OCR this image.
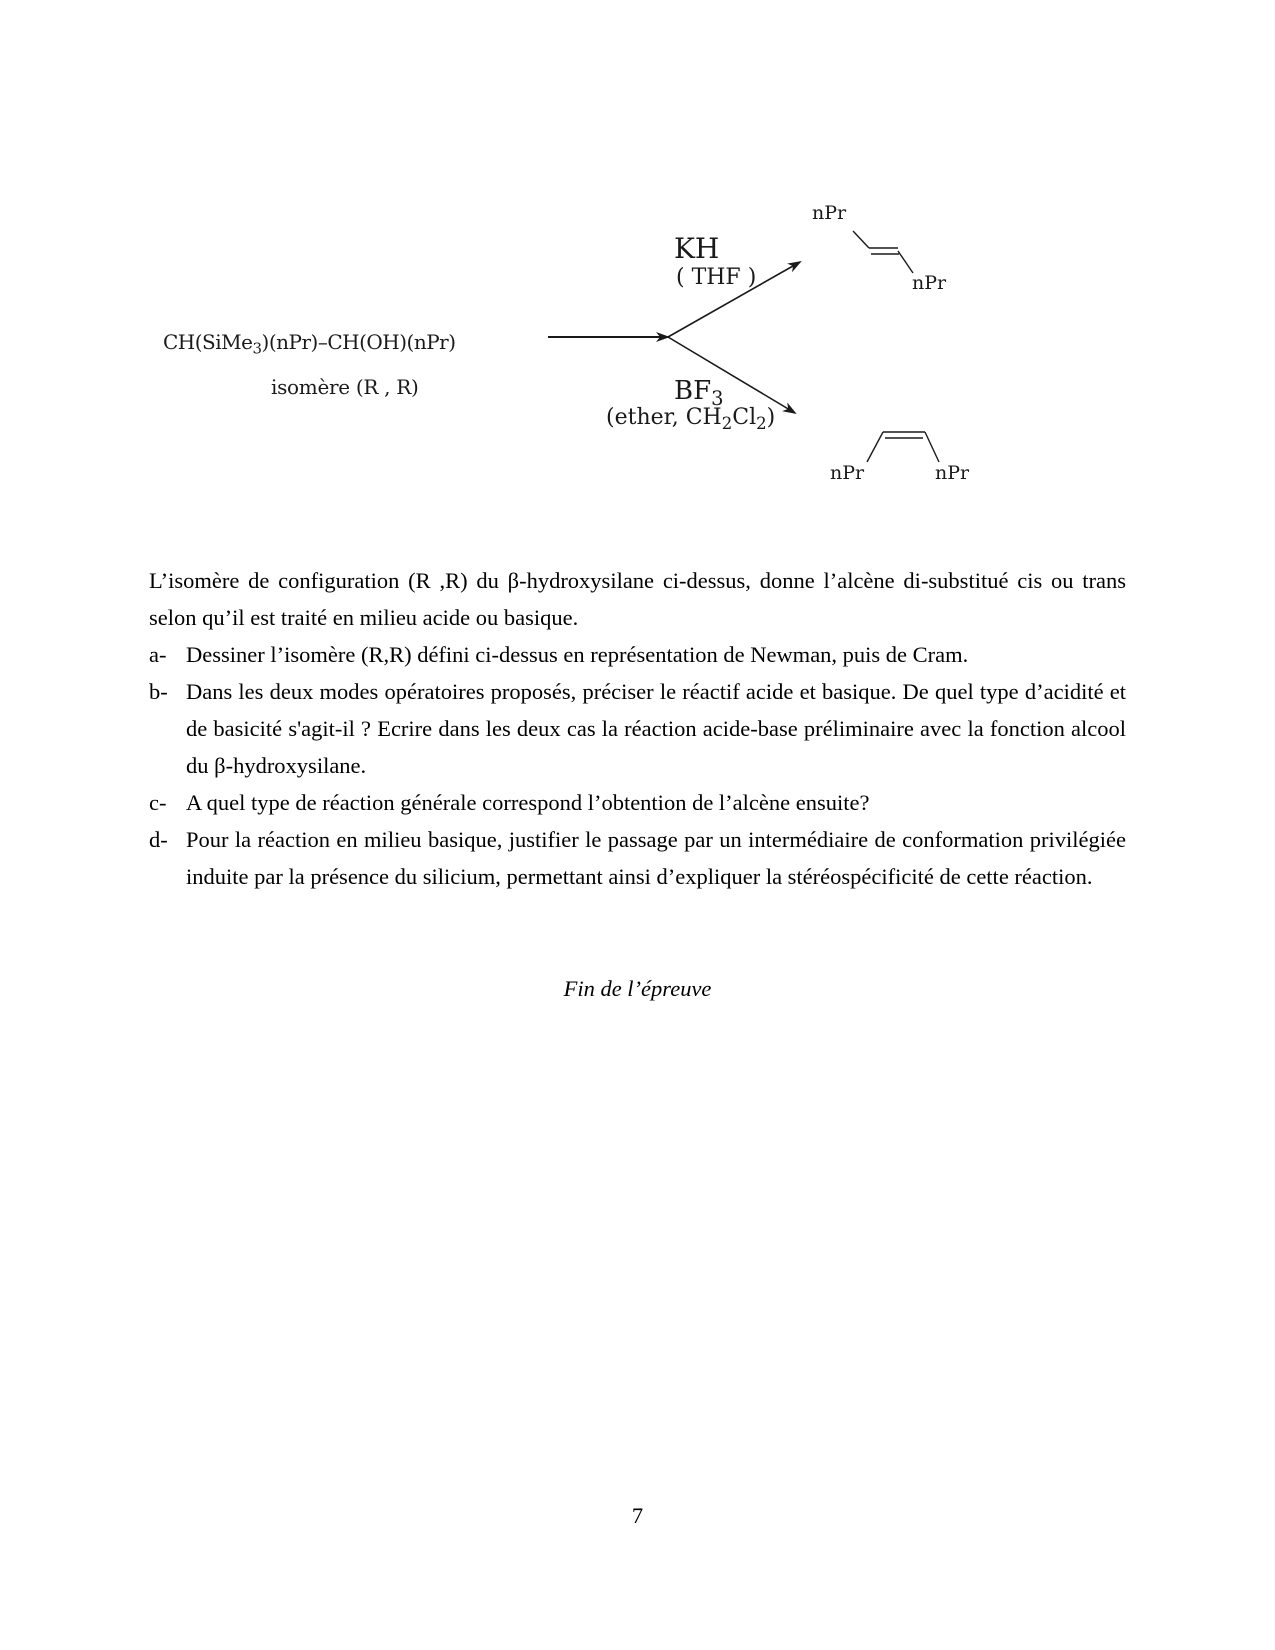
CH(SiMe$_3$)(nPr)–CH(OH)(nPr)
isomère (R , R)
KH
( THF )
$BF_3$
(ether, $CH_2Cl_2$)
nPr
nPr
nPr	nPr

L’isomère de configuration (R ,R) du β-hydroxysilane ci-dessus, donne l’alcène di-substitué cis ou trans selon qu’il est traité en milieu acide ou basique.

a- Dessiner l’isomère (R,R) défini ci-dessus en représentation de Newman, puis de Cram.
b- Dans les deux modes opératoires proposés, préciser le réactif acide et basique. De quel type d’acidité et de basicité s'agit-il ? Ecrire dans les deux cas la réaction acide-base préliminaire avec la fonction alcool du β-hydroxysilane.
c- A quel type de réaction générale correspond l’obtention de l’alcène ensuite?
d- Pour la réaction en milieu basique, justifier le passage par un intermédiaire de conformation privilégiée induite par la présence du silicium, permettant ainsi d’expliquer la stéréospécificité de cette réaction.
Fin de l’épreuve
7
